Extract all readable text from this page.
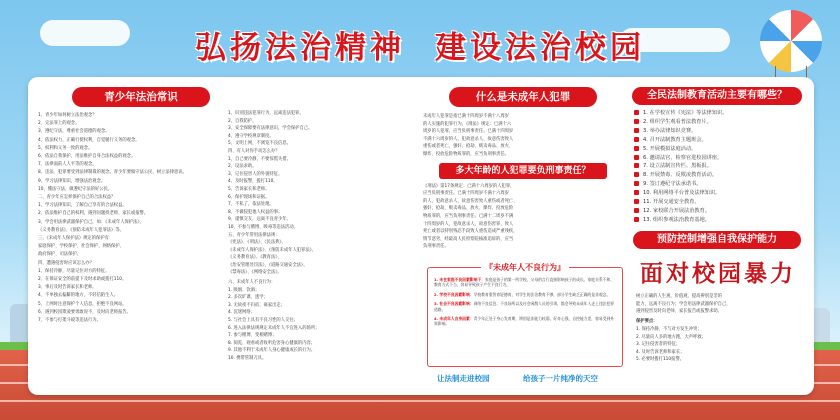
弘扬法治精神 建设法治校园
青少年法治常识
1、青少年如何树立法治观念？
2、完法罪上的观念。
3、遵纪守法，尊重社会道德的观念。
4、依法权力，正确行使权利，自觉履行义务的观念。
5、权利和义务一致的观念。
6、依法自我保护、用法维护自身合法权益的观念。
7、法律面前人人平等的观念。
8、违法、犯罪要受到法律制裁的观念。青少年要做守法公民，树立法律意识。
9、学习法律知识，增强法治观念。
10、懂法守法，做遵纪守法的好公民。
二、青少年应怎样保护自己的合法权益？
1、学习法律知识，了解自己享有的合法权益。
2、依法维护自己的权利，遇到问题找老师、家长或报警。
3、学会用法律武器保护自己，如：《未成年人保护法》、
《义务教育法》、《预防未成年人犯罪法》等。
三、《未成年人保护法》规定的保护有：
家庭保护、学校保护、社会保护、网络保护、
政府保护、司法保护。
四、遭遇侵害时应该怎么办？
1、保持冷静，尽量记住对方的特征。
2、在保证安全的前提下及时求助或拨打110。
3、事后及时告诉家长和老师。
4、不单独去偏僻的地方，不轻信陌生人。
5、上网时注意保护个人信息，拒绝不良网站。
6、遇到校园欺凌要勇敢说不，及时向老师报告。
7、不参与打架斗殴等违法行为。
1、识别违法犯罪行为，远离违法犯罪。
2、自我防护。
3、安全保障要有法律意识，学会保护自己。
4、遵守学校规章制度。
5、文明上网，不浏览不良信息。
四、有人对你手动怎么办？
1、自己要冷静，不要惊慌失措。
2、设法求助。
3、记住侵害人的外貌特征。
4、及时报警，拨打110。
5、告诉家长和老师。
6、保护现场和证据。
7、不私了，依法处理。
8、不做侵犯他人权益的事。
9、谨慎交友，远离不良青少年。
10、不参与赌博、吸毒等违法活动。
五、青少年常用法律法规：
《宪法》、《刑法》、《民法典》、
《未成年人保护法》、《预防未成年人犯罪法》、
《义务教育法》、《教育法》、
《治安管理处罚法》、《道路交通安全法》、
《禁毒法》、《网络安全法》。
六、未成年人不良行为：
1. 吸烟、饮酒；
2. 多次旷课、逃学；
3. 无故夜不归宿、离家出走；
4. 沉迷网络；
5. 与社会上具有不良习性的人交往；
6. 进入法律法规规定未成年人不宜进入的场所；
7. 参与赌博、变相赌博；
8. 阅览、观看或者收听危害身心健康的内容；
9. 其他不利于未成年人身心健康成长的行为。
10. 携带管制刀具。
什么是未成年人犯罪
未成年人犯罪是指已满十四周岁不满十八周岁
的人实施的犯罪行为。《刑法》规定：已满十六
周岁的人犯罪，应当负刑事责任。已满十四周岁
不满十六周岁的人，犯故意杀人、故意伤害致人
重伤或者死亡、强奸、抢劫、贩卖毒品、放火、
爆炸、投放危险物质罪的，应当负刑事责任。
多大年龄的人犯罪要负刑事责任？
《刑法》第17条规定：已满十六周岁的人犯罪，
应当负刑事责任。已满十四周岁不满十六周岁
的人，犯故意杀人、故意伤害致人重伤或者死亡、
强奸、抢劫、贩卖毒品、放火、爆炸、投放危险
物质罪的，应当负刑事责任。已满十二周岁不满
十四周岁的人，犯故意杀人、故意伤害罪，致人
死亡或者以特别残忍手段致人重伤造成严重残疾，
情节恶劣，经最高人民检察院核准追诉的，应当
负刑事责任。
『未成年人不良行为』
1. 未在家庭不良因素影响下：家庭是孩子的第一所学校，父母的言行直接影响孩子的成长。家庭关系不和、教育方式不当，容易导致孩子产生不良行为。
2. 学校不良因素影响：学校教育重智育轻德育，对学生的法治教育不够，部分学生缺乏正确的是非观念。
3. 社会不良因素影响：网络不良信息、不良场所以及社会闲散人员的引诱，都会导致未成年人走上违法犯罪道路。
4. 未成年人自身因素：青少年正处于身心发育期，辨别是非能力较弱，好奇心强，自控能力差，容易受到外界影响。
让法制走进校园	给孩子一片纯净的天空
全民法制教育活动主要有哪些？
1. 在学校宣传《宪法》等法律知识。
2. 组织学生观看普法教育片。
3. 举办法律知识竞赛。
4. 召开法制教育主题班会。
5. 开展模拟法庭活动。
6. 邀请法官、检察官进校园讲座。
7. 设立法制宣传栏、黑板报。
8. 开展禁毒、反欺凌教育活动。
9. 签订遵纪守法承诺书。
10. 利用网络平台普及法律知识。
11. 开展交通安全教育。
12. 家校联合开展法治教育。
13. 组织参观法治教育基地。
预防控制增强自我保护能力
面对校园暴力
树立正确的人生观、价值观，提高辨别是非的
能力，远离不良行为；学会用法律武器保护自己，
遇到侵害及时向老师、家长报告或报警求助。
保护要点：
1. 保持冷静，不与对方发生冲突；
2. 尽量向人多的地方跑，大声呼救；
3. 记住侵害者的特征；
4. 及时告诉老师和家长；
5. 必要时拨打110报警。
